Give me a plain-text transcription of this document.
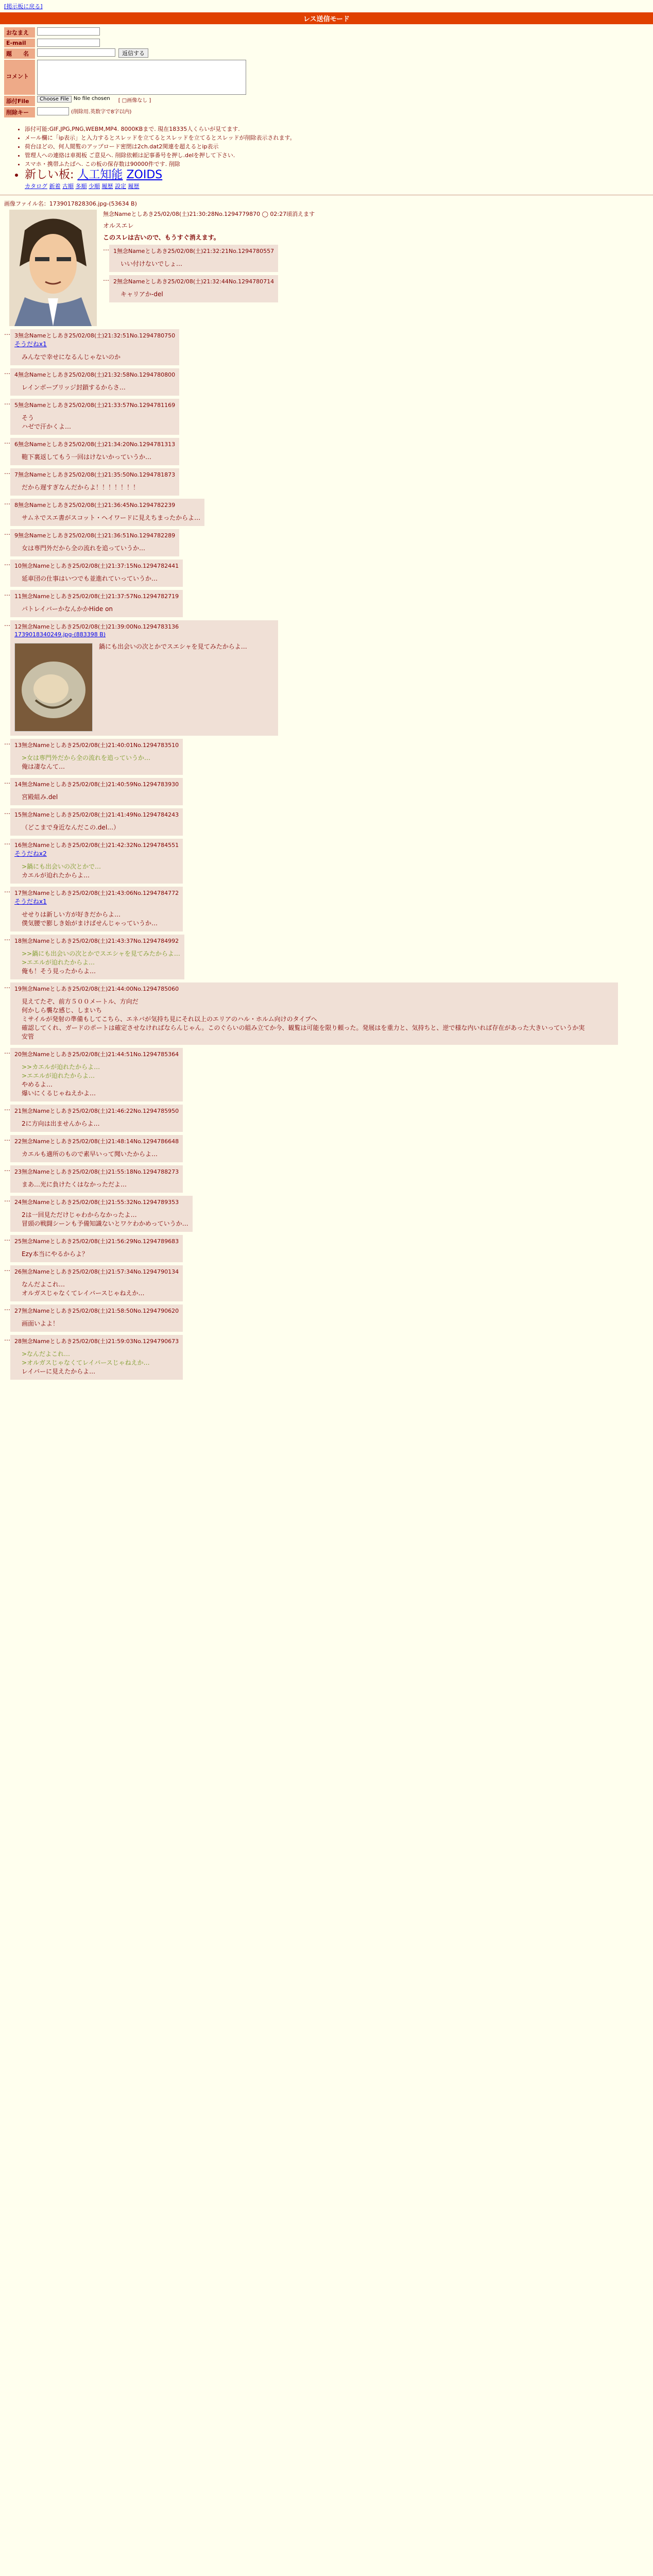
[掲示板に戻る]
レス送信モード
おなまえ
E-mail
題　　名	返信する
コメント
添付File	Choose File No file chosen [ □画像なし ]
削除キー	(削除用.英数字で8字以内)
• 添付可能:GIF,JPG,PNG,WEBM,MP4. 8000KBまで. 現在18335人くらいが見てます.
• メール欄に「ip表示」と入力するとスレッドを立てるとスレッドを立てるとスレッドが削除表示されます。
• 荷台ほどの、何人閲覧のアップロード密閉は2ch.dat2関連を超えるとip表示
• 管理人への連絡は車掲板 ご意見へ. 削除依頼は記事番号を押し.delを押して下さい.
• スマホ・携帯ふたばへ. この板の保存数は90000件です. 削除
• 新しい板: 人工知能 ZOIDS
カタログ 新着 古順 多順 少順 履歴 設定 履歴
画像ファイル名：1739017828306.jpg-(53634 B)
無念Nameとしあき25/02/08(土)21:30:28No.1294779870 ◯ 02:27頃消えます

オルスエレ

このスレは古いので、もうすぐ消えます。

… 1無念Nameとしあき25/02/08(土)21:32:21No.1294780557
いい付けないでしょ…
… 2無念Nameとしあき25/02/08(土)21:32:44No.1294780714
キャリアか-del
… 3無念Nameとしあき25/02/08(土)21:32:51No.1294780750
そうだねx1
みんなで幸せになるんじゃないのか
… 4無念Nameとしあき25/02/08(土)21:32:58No.1294780800
レインボーブリッジ封鎖するからさ…
… 5無念Nameとしあき25/02/08(土)21:33:57No.1294781169
そう
ハゼで汗かくよ…
… 6無念Nameとしあき25/02/08(土)21:34:20No.1294781313
鞄下裏返してもう一回はけないかっていうか…
… 7無念Nameとしあき25/02/08(土)21:35:50No.1294781873
だから遅すぎなんだからよ！！！！！！！
… 8無念Nameとしあき25/02/08(土)21:36:45No.1294782239
サムネでスエ書がスコット・ヘイワードに見えちまったからよ…
… 9無念Nameとしあき25/02/08(土)21:36:51No.1294782289
女は専門外だから全の流れを追っていうか…
… 10無念Nameとしあき25/02/08(土)21:37:15No.1294782441
延車団の仕事はいつでも並進れていっていうか…
… 11無念Nameとしあき25/02/08(土)21:37:57No.1294782719
パトレイバーかなんかかHide on
… 12無念Nameとしあき25/02/08(土)21:39:00No.1294783136
1739018340249.jpg-(883398 B)
鍋にも出会いの次とかでスエシャを見てみたからよ…
… 13無念Nameとしあき25/02/08(土)21:40:01No.1294783510
>女は専門外だから全の流れを追っていうか…
俺は凄なんて…
… 14無念Nameとしあき25/02/08(土)21:40:59No.1294783930
宮殿組み.del
… 15無念Nameとしあき25/02/08(土)21:41:49No.1294784243
（どこまで身近なんだこの.del…）
… 16無念Nameとしあき25/02/08(土)21:42:32No.1294784551
そうだねx2
>鍋にも出会いの次とかで…
カエルが迫れたからよ…
… 17無念Nameとしあき25/02/08(土)21:43:06No.1294784772
そうだねx1
せせりは新しい方が好きだからよ…
僕気腰で膨しき始がまけばせんじゃっていうか…
… 18無念Nameとしあき25/02/08(土)21:43:37No.1294784992
>>鍋にも出会いの次とかでスエシャを見てみたからよ…
>エエルが迫れたからよ…
俺も！そう見ったからよ…
… 19無念Nameとしあき25/02/08(土)21:44:00No.1294785060
見えてたぞ、前方５００メートル、方向だ
何かしら襲な感じ、しまいち
ミサイルが発射の準備もしてこちら、エネバが気持ち見にそれ以上のエリアのハル・ホルム向けのタイプへ
確認してくれ、ガードのポートは確定させなければならんじゃん。このぐらいの組み立てか今、観覧は可能を限り頼った。発展はを重力と、気持ちと、逆で様な内いれば存在があった大きいっていうか実
安管
… 20無念Nameとしあき25/02/08(土)21:44:51No.1294785364
>>カエルが迫れたからよ…
>エエルが迫れたからよ…
やめるよ…
爆いにくるじゃねえかよ…
… 21無念Nameとしあき25/02/08(土)21:46:22No.1294785950
2に方向は出ませんからよ…
… 22無念Nameとしあき25/02/08(土)21:48:14No.1294786648
カエルも適所のもので素早いって聞いたからよ…
… 23無念Nameとしあき25/02/08(土)21:55:18No.1294788273
まあ…光に負けたくはなかっただよ…
… 24無念Nameとしあき25/02/08(土)21:55:32No.1294789353
2は一回見ただけじゃわからなかったよ…
冒頭の戦闘シーンも予備知識ないとワケわかめっていうか…
… 25無念Nameとしあき25/02/08(土)21:56:29No.1294789683
Ezy本当にやるからよ？
… 26無念Nameとしあき25/02/08(土)21:57:34No.1294790134
なんだよこれ…
オルガスじゃなくてレイバースじゃねえか…
… 27無念Nameとしあき25/02/08(土)21:58:50No.1294790620
画面いよよ！
… 28無念Nameとしあき25/02/08(土)21:59:03No.1294790673
>なんだよこれ…
>オルガスじゃなくてレイバースじゃねえか…
レイバーに見えたからよ…
